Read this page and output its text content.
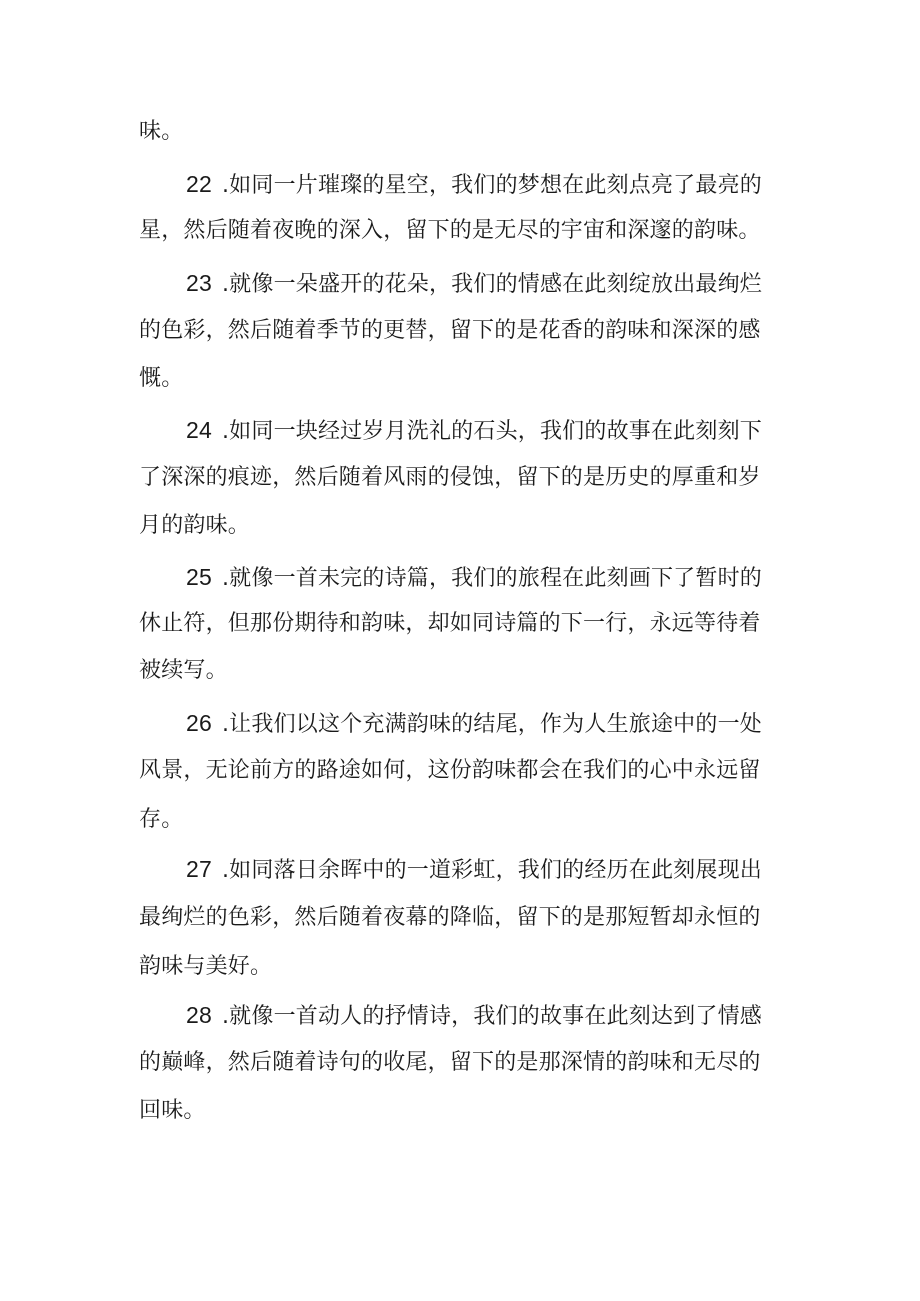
味。
22 .如同一片璀璨的星空，我们的梦想在此刻点亮了最亮的
星，然后随着夜晚的深入，留下的是无尽的宇宙和深邃的韵味。
23 .就像一朵盛开的花朵，我们的情感在此刻绽放出最绚烂
的色彩，然后随着季节的更替，留下的是花香的韵味和深深的感
慨。
24 .如同一块经过岁月洗礼的石头，我们的故事在此刻刻下
了深深的痕迹，然后随着风雨的侵蚀，留下的是历史的厚重和岁
月的韵味。
25 .就像一首未完的诗篇，我们的旅程在此刻画下了暂时的
休止符，但那份期待和韵味，却如同诗篇的下一行，永远等待着
被续写。
26 .让我们以这个充满韵味的结尾，作为人生旅途中的一处
风景，无论前方的路途如何，这份韵味都会在我们的心中永远留
存。
27 .如同落日余晖中的一道彩虹，我们的经历在此刻展现出
最绚烂的色彩，然后随着夜幕的降临，留下的是那短暂却永恒的
韵味与美好。
28 .就像一首动人的抒情诗，我们的故事在此刻达到了情感
的巅峰，然后随着诗句的收尾，留下的是那深情的韵味和无尽的
回味。
